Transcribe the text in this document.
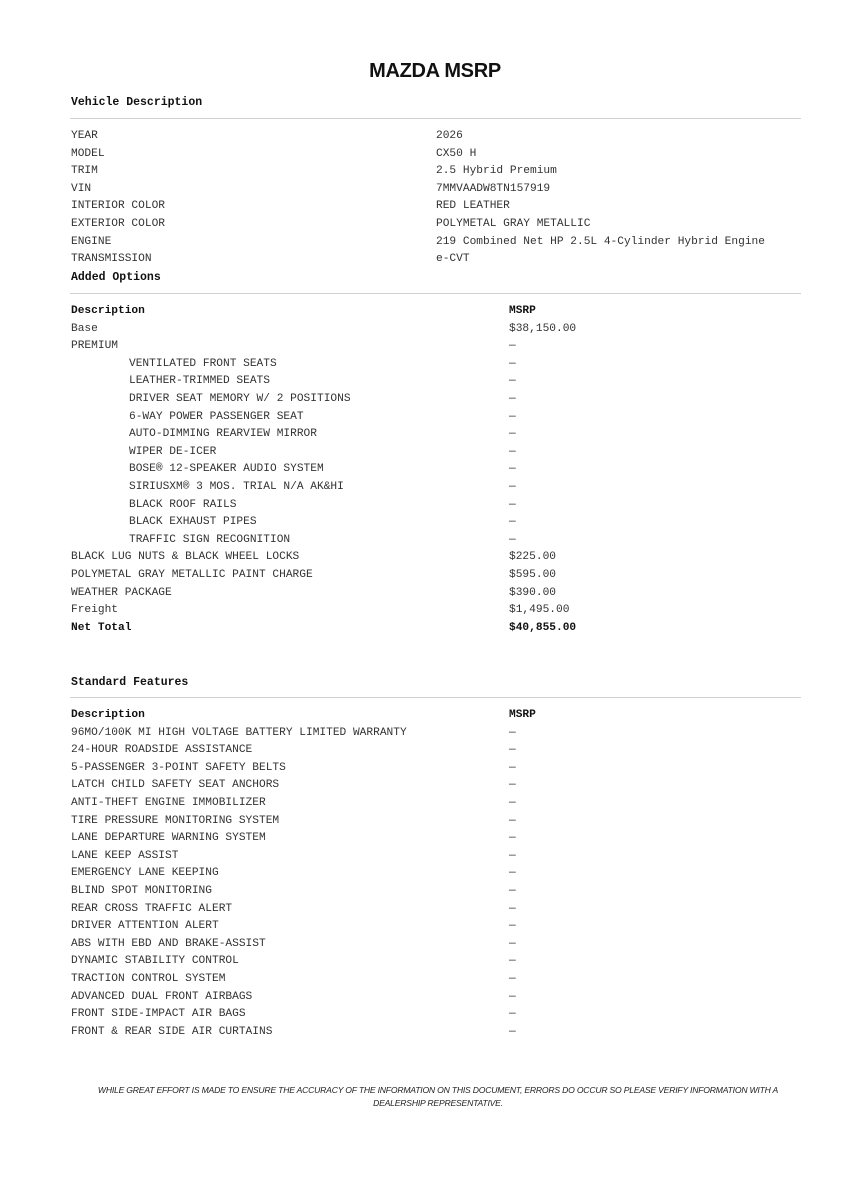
MAZDA MSRP
Vehicle Description
YEAR	2026
MODEL	CX50 H
TRIM	2.5 Hybrid Premium
VIN	7MMVAADW8TN157919
INTERIOR COLOR	RED LEATHER
EXTERIOR COLOR	POLYMETAL GRAY METALLIC
ENGINE	219 Combined Net HP 2.5L 4-Cylinder Hybrid Engine
TRANSMISSION	e-CVT
Added Options
Description	MSRP
Base	$38,150.00
PREMIUM	—
VENTILATED FRONT SEATS	—
LEATHER-TRIMMED SEATS	—
DRIVER SEAT MEMORY W/ 2 POSITIONS	—
6-WAY POWER PASSENGER SEAT	—
AUTO-DIMMING REARVIEW MIRROR	—
WIPER DE-ICER	—
BOSE® 12-SPEAKER AUDIO SYSTEM	—
SIRIUSXM® 3 MOS. TRIAL N/A AK&HI	—
BLACK ROOF RAILS	—
BLACK EXHAUST PIPES	—
TRAFFIC SIGN RECOGNITION	—
BLACK LUG NUTS & BLACK WHEEL LOCKS	$225.00
POLYMETAL GRAY METALLIC PAINT CHARGE	$595.00
WEATHER PACKAGE	$390.00
Freight	$1,495.00
Net Total	$40,855.00
Standard Features
Description	MSRP
96MO/100K MI HIGH VOLTAGE BATTERY LIMITED WARRANTY	—
24-HOUR ROADSIDE ASSISTANCE	—
5-PASSENGER 3-POINT SAFETY BELTS	—
LATCH CHILD SAFETY SEAT ANCHORS	—
ANTI-THEFT ENGINE IMMOBILIZER	—
TIRE PRESSURE MONITORING SYSTEM	—
LANE DEPARTURE WARNING SYSTEM	—
LANE KEEP ASSIST	—
EMERGENCY LANE KEEPING	—
BLIND SPOT MONITORING	—
REAR CROSS TRAFFIC ALERT	—
DRIVER ATTENTION ALERT	—
ABS WITH EBD AND BRAKE-ASSIST	—
DYNAMIC STABILITY CONTROL	—
TRACTION CONTROL SYSTEM	—
ADVANCED DUAL FRONT AIRBAGS	—
FRONT SIDE-IMPACT AIR BAGS	—
FRONT & REAR SIDE AIR CURTAINS	—
WHILE GREAT EFFORT IS MADE TO ENSURE THE ACCURACY OF THE INFORMATION ON THIS DOCUMENT, ERRORS DO OCCUR SO PLEASE VERIFY INFORMATION WITH A DEALERSHIP REPRESENTATIVE.
